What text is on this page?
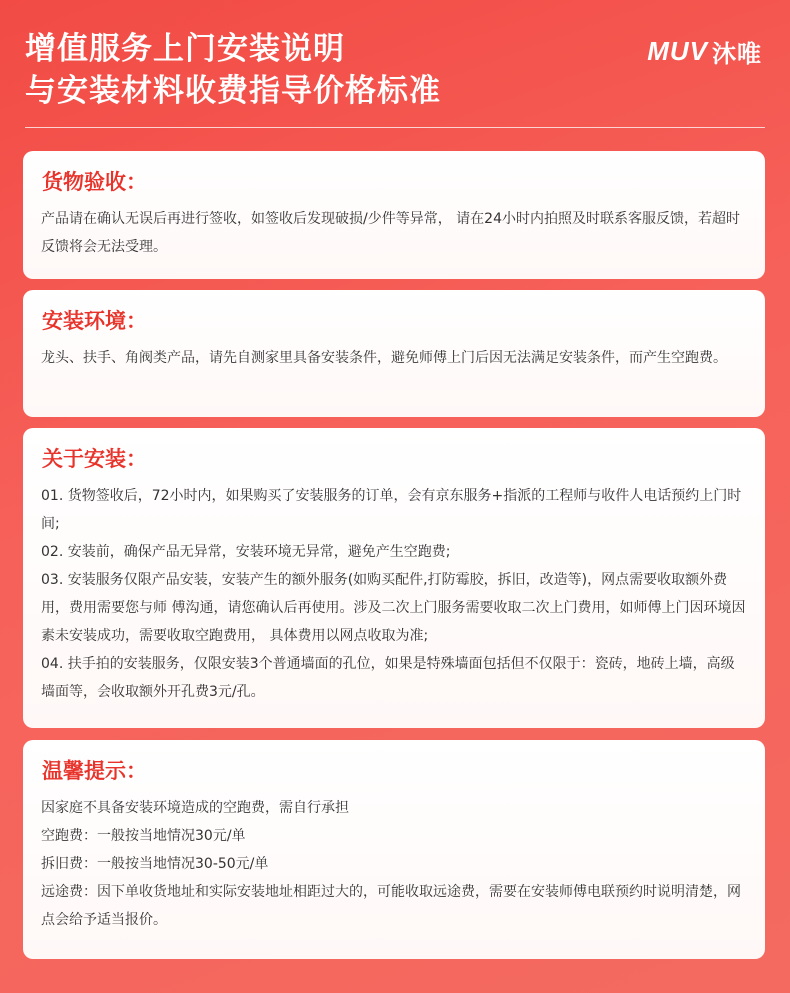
增值服务上门安装说明
与安装材料收费指导价格标准
MUV 沐唯
货物验收：
产品请在确认无误后再进行签收，如签收后发现破损/少件等异常， 请在24小时内拍照及时联系客服反馈，若超时反馈将会无法受理。
安装环境：
龙头、扶手、角阀类产品，请先自测家里具备安装条件，避免师傅上门后因无法满足安装条件，而产生空跑费。
关于安装：
01. 货物签收后，72小时内，如果购买了安装服务的订单，会有京东服务+指派的工程师与收件人电话预约上门时间;
02. 安装前，确保产品无异常，安装环境无异常，避免产生空跑费;
03. 安装服务仅限产品安装，安装产生的额外服务(如购买配件,打防霉胶，拆旧，改造等)，网点需要收取额外费用，费用需要您与师 傅沟通，请您确认后再使用。涉及二次上门服务需要收取二次上门费用，如师傅上门因环境因素未安装成功，需要收取空跑费用， 具体费用以网点收取为准;
04. 扶手拍的安装服务，仅限安装3个普通墙面的孔位，如果是特殊墙面包括但不仅限于：瓷砖，地砖上墙，高级墙面等，会收取额外开孔费3元/孔。
温馨提示：
因家庭不具备安装环境造成的空跑费，需自行承担
空跑费：一般按当地情况30元/单
拆旧费：一般按当地情况30-50元/单
远途费：因下单收货地址和实际安装地址相距过大的，可能收取远途费，需要在安装师傅电联预约时说明清楚，网点会给予适当报价。
